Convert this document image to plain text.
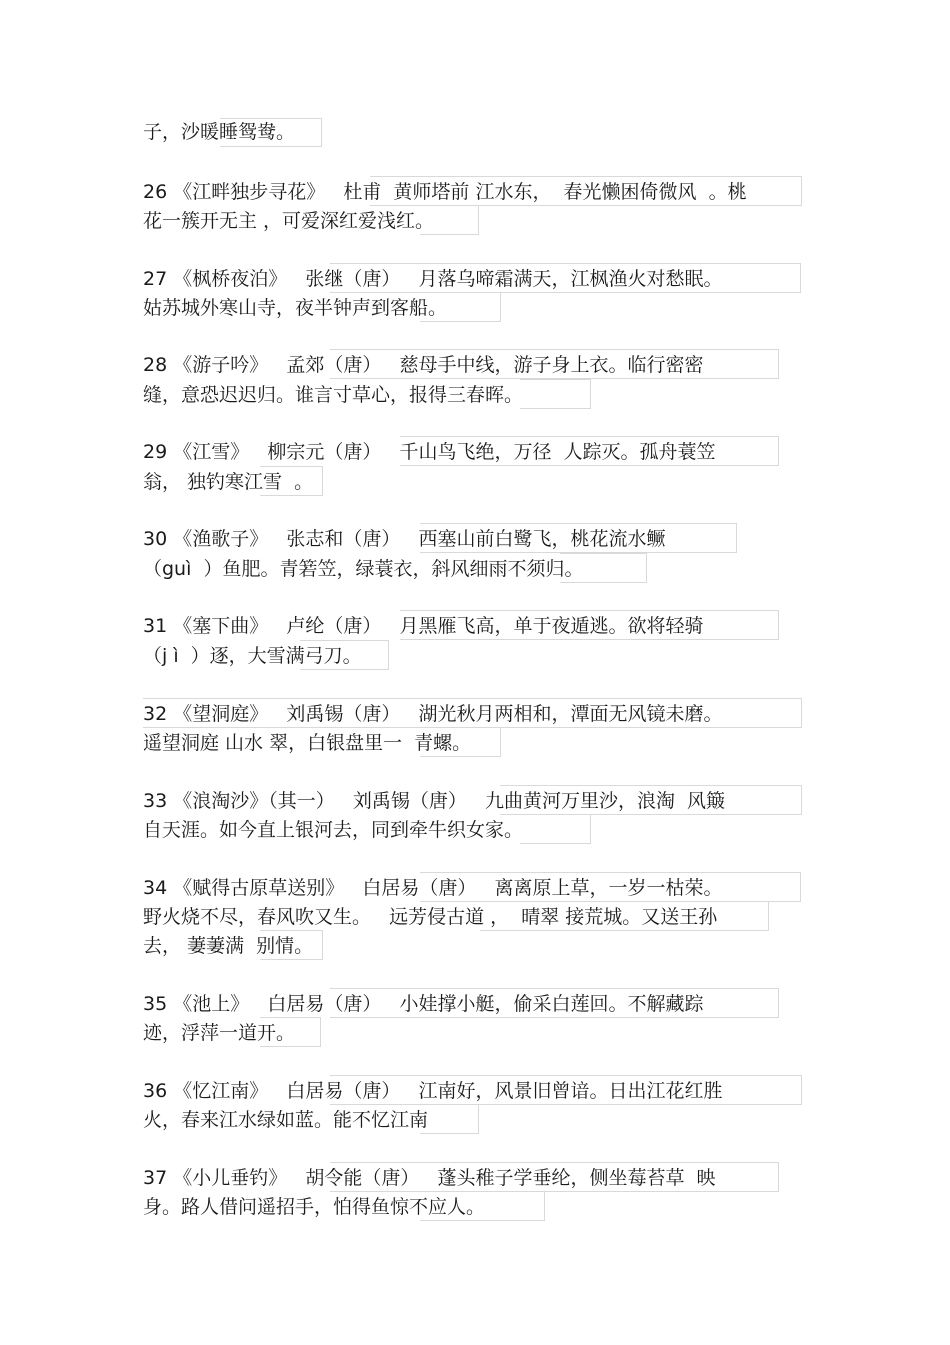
子，沙暖睡鸳鸯。
26 《江畔独步寻花》   杜甫  黄师塔前 江水东，  春光懒困倚微风  。桃
花一簇开无主 ，可爱深红爱浅红。
27 《枫桥夜泊》   张继（唐）   月落乌啼霜满天，江枫渔火对愁眠。
姑苏城外寒山寺，夜半钟声到客船。
28 《游子吟》   孟郊（唐）   慈母手中线，游子身上衣。临行密密
缝，意恐迟迟归。谁言寸草心，报得三春晖。
29 《江雪》   柳宗元（唐）   千山鸟飞绝，万径  人踪灭。孤舟蓑笠
翁， 独钓寒江雪  。
30 《渔歌子》   张志和（唐）   西塞山前白鹭飞，桃花流水鳜
（guì  ）鱼肥。青箬笠，绿蓑衣，斜风细雨不须归。
31 《塞下曲》   卢纶（唐）   月黑雁飞高，单于夜遁逃。欲将轻骑
（j ì  ）逐，大雪满弓刀。
32 《望洞庭》   刘禹锡（唐）   湖光秋月两相和，潭面无风镜未磨。
遥望洞庭 山水 翠，白银盘里一  青螺。
33 《浪淘沙》（其一）   刘禹锡（唐）   九曲黄河万里沙，浪淘  风簸
自天涯。如今直上银河去，同到牵牛织女家。
34 《赋得古原草送别》   白居易（唐）   离离原上草，一岁一枯荣。
野火烧不尽，春风吹又生。   远芳侵古道 ，  晴翠 接荒城。又送王孙
去， 萋萋满  别情。
35 《池上》   白居易（唐）   小娃撑小艇，偷采白莲回。不解藏踪
迹，浮萍一道开。
36 《忆江南》   白居易（唐）   江南好，风景旧曾谙。日出江花红胜
火，春来江水绿如蓝。能不忆江南
37 《小儿垂钓》   胡令能（唐）   蓬头稚子学垂纶，侧坐莓苔草  映
身。路人借问遥招手，怕得鱼惊不应人。
